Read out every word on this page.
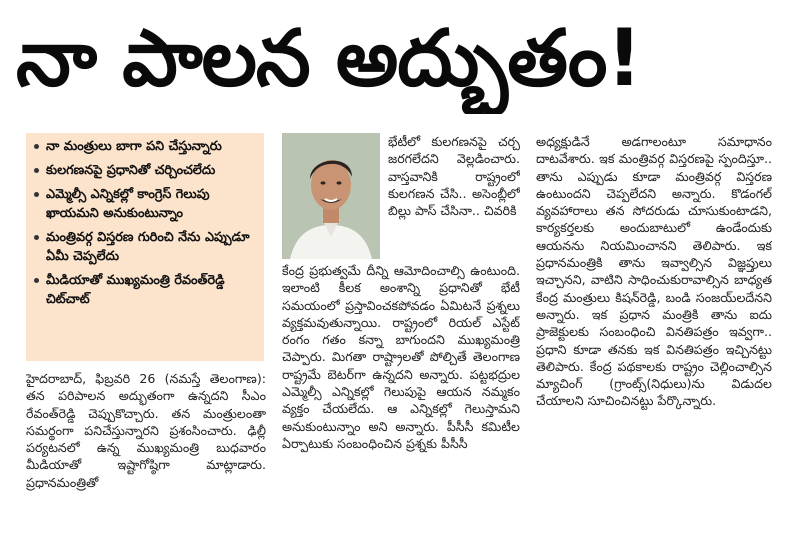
నా పాలన అద్భుతం!
నా మంత్రులు బాగా పని చేస్తున్నారు
కులగణనపై ప్రధానితో చర్చించలేదు
ఎమ్మెల్సీ ఎన్నికల్లో కాంగ్రెస్ గెలుపు ఖాయమని అనుకుంటున్నాం
మంత్రివర్గ విస్తరణ గురించి నేను ఎప్పుడూ ఏమీ చెప్పలేదు
మీడియాతో ముఖ్యమంత్రి రేవంత్‌రెడ్డి చిట్‌చాట్

హైదరాబాద్, ఫిబ్రవరి 26 (నమస్తే తెలంగాణ): తన పరిపాలన అద్భుతంగా ఉన్నదని సీఎం రేవంత్‌రెడ్డి చెప్పుకొచ్చారు. తన మంత్రులంతా సమర్థంగా పనిచేస్తున్నారని ప్రశంసించారు. ఢిల్లీ పర్యటనలో ఉన్న ముఖ్యమంత్రి బుధవారం మీడియాతో ఇష్టాగోష్ఠిగా మాట్లాడారు. ప్రధానమంత్రితో

భేటీలో కులగణనపై చర్చ జరగలేదని వెల్లడించారు. వాస్తవానికి రాష్ట్రంలో కులగణన చేసి.. అసెంబ్లీలో బిల్లు పాస్ చేసినా.. చివరికి

కేంద్ర ప్రభుత్వమే దీన్ని ఆమోదించాల్సి ఉంటుంది. ఇలాంటి కీలక అంశాన్ని ప్రధానితో భేటీ సమయంలో ప్రస్తావించకపోవడం ఏమిటనే ప్రశ్నలు వ్యక్తమవుతున్నాయి. రాష్ట్రంలో రియల్ ఎస్టేట్ రంగం గతం కన్నా బాగుందని ముఖ్యమంత్రి చెప్పారు. మిగతా రాష్ట్రాలతో పోల్చితే తెలంగాణ రాష్ట్రమే బెటర్‌గా ఉన్నదని అన్నారు. పట్టభద్రుల ఎమ్మెల్సీ ఎన్నికల్లో గెలుపుపై ఆయన నమ్మకం వ్యక్తం చేయలేదు. ఆ ఎన్నికల్లో గెలుస్తామని అనుకుంటున్నాం అని అన్నారు. పీసీసీ కమిటీల ఏర్పాటుకు సంబంధించిన ప్రశ్నకు పీసీసీ

అధ్యక్షుడినే అడగాలంటూ సమాధానం దాటవేశారు. ఇక మంత్రివర్గ విస్తరణపై స్పందిస్తూ.. తాను ఎప్పుడు కూడా మంత్రివర్గ విస్తరణ ఉంటుందని చెప్పలేదని అన్నారు. కొడంగల్ వ్యవహారాలు తన సోదరుడు చూసుకుంటాడని, కార్యకర్తలకు అందుబాటులో ఉండేందుకు ఆయనను నియమించానని తెలిపారు. ఇక ప్రధానమంత్రికి తాను ఇవ్వాల్సిన విజ్ఞప్తులు ఇచ్చానని, వాటిని సాధించుకురావాల్సిన బాధ్యత కేంద్ర మంత్రులు కిషన్‌రెడ్డి, బండి సంజయ్‌లదేనని అన్నారు. ఇక ప్రధాన మంత్రికి తాను ఐదు ప్రాజెక్టులకు సంబంధించి వినతిపత్రం ఇవ్వగా.. ప్రధాని కూడా తనకు ఇక వినతిపత్రం ఇచ్చినట్టు తెలిపారు. కేంద్ర పథకాలకు రాష్ట్రం చెల్లించాల్సిన మ్యాచింగ్ (గ్రాంట్స్(నిధులు)ను విడుదల చేయాలని సూచించినట్టు పేర్కొన్నారు.
